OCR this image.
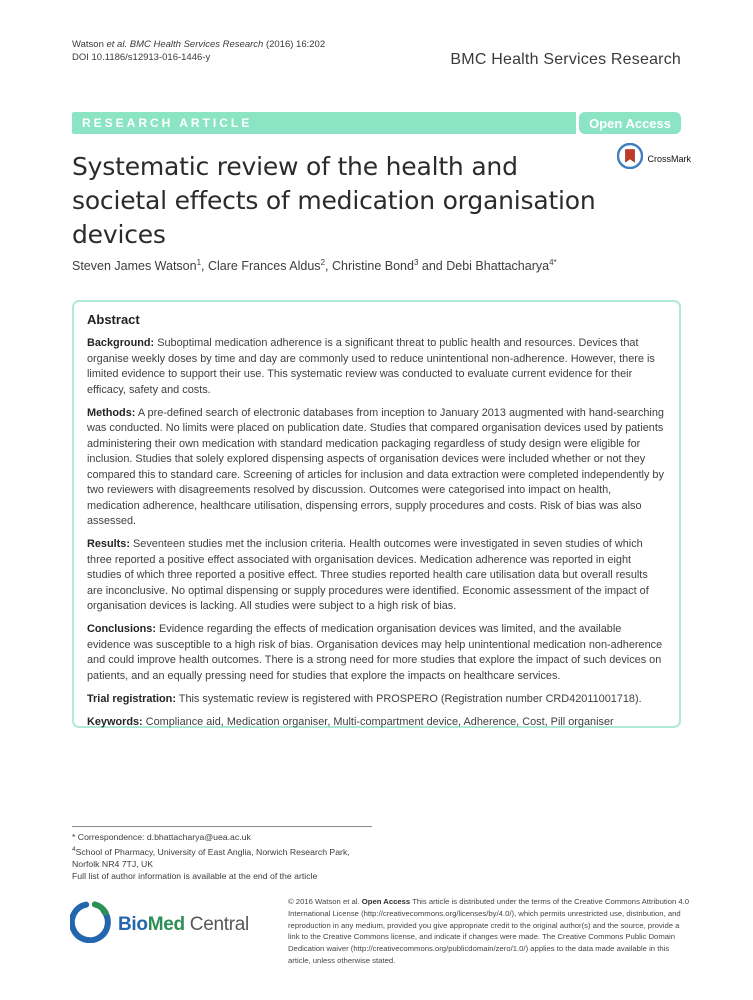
Watson et al. BMC Health Services Research (2016) 16:202
DOI 10.1186/s12913-016-1446-y	BMC Health Services Research
RESEARCH ARTICLE	Open Access
CrossMark
Systematic review of the health and
societal effects of medication organisation
devices
Steven James Watson$^1$, Clare Frances Aldus$^2$, Christine Bond$^3$ and Debi Bhattacharya$^{4*}$
Abstract

Background: Suboptimal medication adherence is a significant threat to public health and resources. Devices that organise weekly doses by time and day are commonly used to reduce unintentional non-adherence. However, there is limited evidence to support their use. This systematic review was conducted to evaluate current evidence for their efficacy, safety and costs.

Methods: A pre-defined search of electronic databases from inception to January 2013 augmented with hand-searching was conducted. No limits were placed on publication date. Studies that compared organisation devices used by patients administering their own medication with standard medication packaging regardless of study design were eligible for inclusion. Studies that solely explored dispensing aspects of organisation devices were included whether or not they compared this to standard care. Screening of articles for inclusion and data extraction were completed independently by two reviewers with disagreements resolved by discussion. Outcomes were categorised into impact on health, medication adherence, healthcare utilisation, dispensing errors, supply procedures and costs. Risk of bias was also assessed.

Results: Seventeen studies met the inclusion criteria. Health outcomes were investigated in seven studies of which three reported a positive effect associated with organisation devices. Medication adherence was reported in eight studies of which three reported a positive effect. Three studies reported health care utilisation data but overall results are inconclusive. No optimal dispensing or supply procedures were identified. Economic assessment of the impact of organisation devices is lacking. All studies were subject to a high risk of bias.

Conclusions: Evidence regarding the effects of medication organisation devices was limited, and the available evidence was susceptible to a high risk of bias. Organisation devices may help unintentional medication non-adherence and could improve health outcomes. There is a strong need for more studies that explore the impact of such devices on patients, and an equally pressing need for studies that explore the impacts on healthcare services.

Trial registration: This systematic review is registered with PROSPERO (Registration number CRD42011001718).

Keywords: Compliance aid, Medication organiser, Multi-compartment device, Adherence, Cost, Pill organiser

* Correspondence: d.bhattacharya@uea.ac.uk
$^4$School of Pharmacy, University of East Anglia, Norwich Research Park,
Norfolk NR4 7TJ, UK
Full list of author information is available at the end of the article
BioMed Central
© 2016 Watson et al. Open Access This article is distributed under the terms of the Creative Commons Attribution 4.0 International License (http://creativecommons.org/licenses/by/4.0/), which permits unrestricted use, distribution, and reproduction in any medium, provided you give appropriate credit to the original author(s) and the source, provide a link to the Creative Commons license, and indicate if changes were made. The Creative Commons Public Domain Dedication waiver (http://creativecommons.org/publicdomain/zero/1.0/) applies to the data made available in this article, unless otherwise stated.
